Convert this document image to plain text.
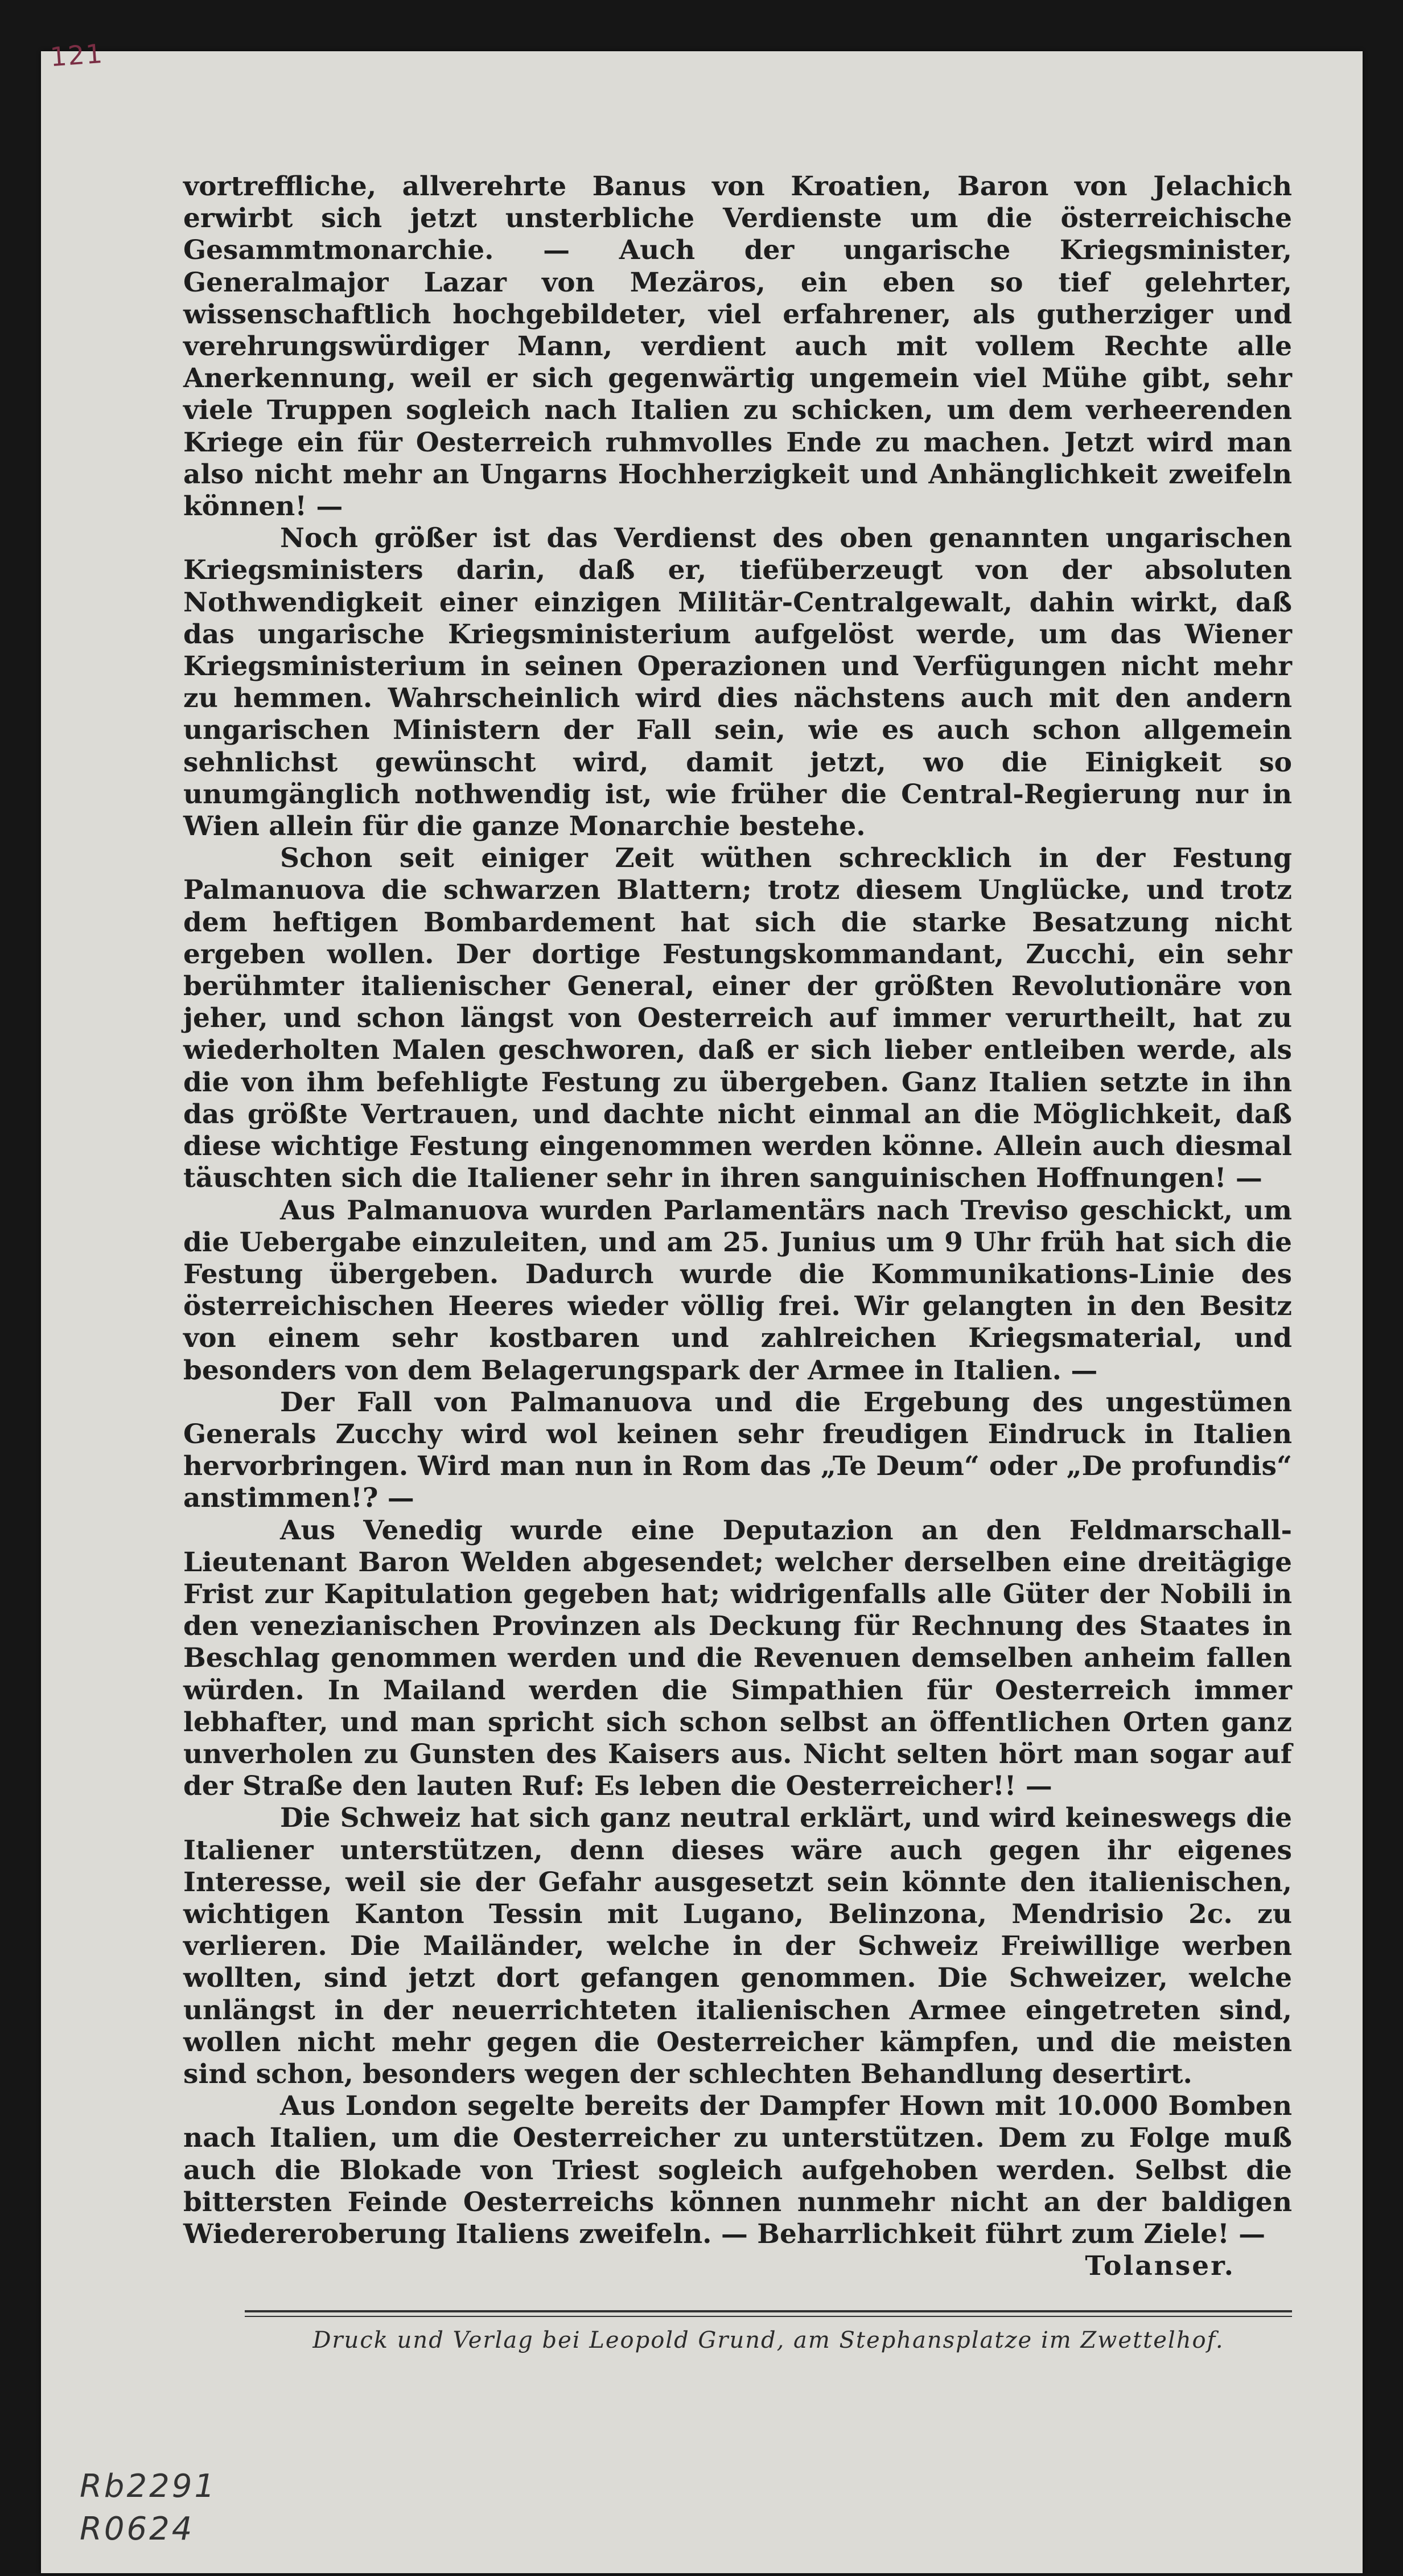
121

vortreffliche, allverehrte Banus von Kroatien, Baron von Jelachich erwirbt sich jetzt unsterbliche Verdienste um die österreichische Gesammtmonarchie. — Auch der ungarische Kriegsminister, Generalmajor Lazar von Mezäros, ein eben so tief gelehrter, wissenschaftlich hochgebildeter, viel erfahrener, als gutherziger und verehrungswürdiger Mann, verdient auch mit vollem Rechte alle Anerkennung, weil er sich gegenwärtig ungemein viel Mühe gibt, sehr viele Truppen sogleich nach Italien zu schicken, um dem verheerenden Kriege ein für Oesterreich ruhmvolles Ende zu machen. Jetzt wird man also nicht mehr an Ungarns Hochherzigkeit und Anhänglichkeit zweifeln können! —

Noch größer ist das Verdienst des oben genannten ungarischen Kriegsministers darin, daß er, tiefüberzeugt von der absoluten Nothwendigkeit einer einzigen Militär-Centralgewalt, dahin wirkt, daß das ungarische Kriegsministerium aufgelöst werde, um das Wiener Kriegsministerium in seinen Operazionen und Verfügungen nicht mehr zu hemmen. Wahrscheinlich wird dies nächstens auch mit den andern ungarischen Ministern der Fall sein, wie es auch schon allgemein sehnlichst gewünscht wird, damit jetzt, wo die Einigkeit so unumgänglich nothwendig ist, wie früher die Central-Regierung nur in Wien allein für die ganze Monarchie bestehe.

Schon seit einiger Zeit wüthen schrecklich in der Festung Palmanuova die schwarzen Blattern; trotz diesem Unglücke, und trotz dem heftigen Bombardement hat sich die starke Besatzung nicht ergeben wollen. Der dortige Festungskommandant, Zucchi, ein sehr berühmter italienischer General, einer der größten Revolutionäre von jeher, und schon längst von Oesterreich auf immer verurtheilt, hat zu wiederholten Malen geschworen, daß er sich lieber entleiben werde, als die von ihm befehligte Festung zu übergeben. Ganz Italien setzte in ihn das größte Vertrauen, und dachte nicht einmal an die Möglichkeit, daß diese wichtige Festung eingenommen werden könne. Allein auch diesmal täuschten sich die Italiener sehr in ihren sanguinischen Hoffnungen! —

Aus Palmanuova wurden Parlamentärs nach Treviso geschickt, um die Uebergabe einzuleiten, und am 25. Junius um 9 Uhr früh hat sich die Festung übergeben. Dadurch wurde die Kommunikations-Linie des österreichischen Heeres wieder völlig frei. Wir gelangten in den Besitz von einem sehr kostbaren und zahlreichen Kriegsmaterial, und besonders von dem Belagerungspark der Armee in Italien. —

Der Fall von Palmanuova und die Ergebung des ungestümen Generals Zucchy wird wol keinen sehr freudigen Eindruck in Italien hervorbringen. Wird man nun in Rom das „Te Deum“ oder „De profundis“ anstimmen!? —

Aus Venedig wurde eine Deputazion an den Feldmarschall-Lieutenant Baron Welden abgesendet; welcher derselben eine dreitägige Frist zur Kapitulation gegeben hat; widrigenfalls alle Güter der Nobili in den venezianischen Provinzen als Deckung für Rechnung des Staates in Beschlag genommen werden und die Revenuen demselben anheim fallen würden. In Mailand werden die Simpathien für Oesterreich immer lebhafter, und man spricht sich schon selbst an öffentlichen Orten ganz unverholen zu Gunsten des Kaisers aus. Nicht selten hört man sogar auf der Straße den lauten Ruf: Es leben die Oesterreicher!! —

Die Schweiz hat sich ganz neutral erklärt, und wird keineswegs die Italiener unterstützen, denn dieses wäre auch gegen ihr eigenes Interesse, weil sie der Gefahr ausgesetzt sein könnte den italienischen, wichtigen Kanton Tessin mit Lugano, Belinzona, Mendrisio 2c. zu verlieren. Die Mailänder, welche in der Schweiz Freiwillige werben wollten, sind jetzt dort gefangen genommen. Die Schweizer, welche unlängst in der neuerrichteten italienischen Armee eingetreten sind, wollen nicht mehr gegen die Oesterreicher kämpfen, und die meisten sind schon, besonders wegen der schlechten Behandlung desertirt.

Aus London segelte bereits der Dampfer Hown mit 10.000 Bomben nach Italien, um die Oesterreicher zu unterstützen. Dem zu Folge muß auch die Blokade von Triest sogleich aufgehoben werden. Selbst die bittersten Feinde Oesterreichs können nunmehr nicht an der baldigen Wiedereroberung Italiens zweifeln. — Beharrlichkeit führt zum Ziele! —

Tolanser.

Druck und Verlag bei Leopold Grund, am Stephansplatze im Zwettelhof.
Rb2291
R0624
